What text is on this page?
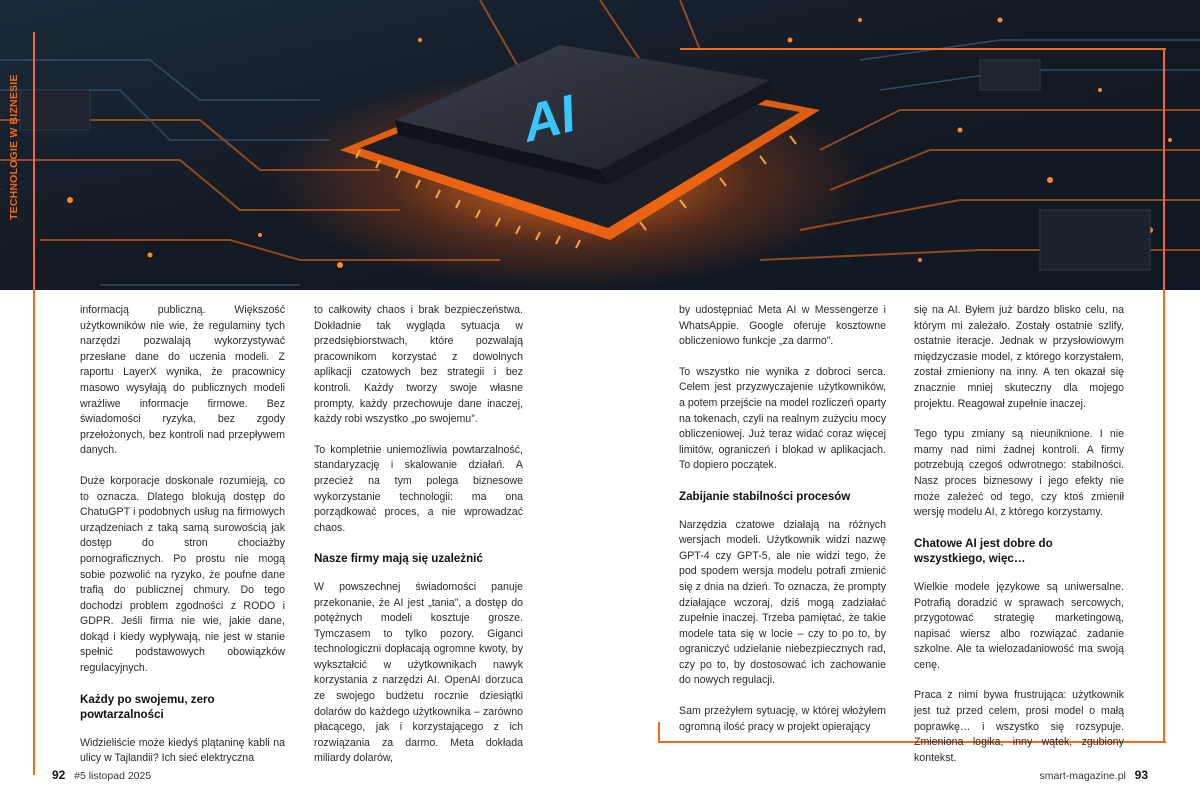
AI
TECHNOLOGIE W BIZNESIE

informacją publiczną. Większość użytkowników nie wie, że regulaminy tych narzędzi pozwalają wykorzystywać przesłane dane do uczenia modeli. Z raportu LayerX wynika, że pracownicy masowo wysyłają do publicznych modeli wrażliwe informacje firmowe. Bez świadomości ryzyka, bez zgody przełożonych, bez kontroli nad przepływem danych.

Duże korporacje doskonale rozumieją, co to oznacza. Dlatego blokują dostęp do ChatuGPT i podobnych usług na firmowych urządzeniach z taką samą surowością jak dostęp do stron chociażby pornograficznych. Po prostu nie mogą sobie pozwolić na ryzyko, że poufne dane trafią do publicznej chmury. Do tego dochodzi problem zgodności z RODO i GDPR. Jeśli firma nie wie, jakie dane, dokąd i kiedy wypływają, nie jest w stanie spełnić podstawowych obowiązków regulacyjnych.

Każdy po swojemu, zero powtarzalności

Widzieliście może kiedyś plątaninę kabli na ulicy w Tajlandii? Ich sieć elektryczna

to całkowity chaos i brak bezpieczeństwa. Dokładnie tak wygląda sytuacja w przedsiębiorstwach, które pozwalają pracownikom korzystać z dowolnych aplikacji czatowych bez strategii i bez kontroli. Każdy tworzy swoje własne prompty, każdy przechowuje dane inaczej, każdy robi wszystko „po swojemu”.

To kompletnie uniemożliwia powtarzalność, standaryzację i skalowanie działań. A przecież na tym polega biznesowe wykorzystanie technologii: ma ona porządkować proces, a nie wprowadzać chaos.

Nasze firmy mają się uzależnić

W powszechnej świadomości panuje przekonanie, że AI jest „tania”, a dostęp do potężnych modeli kosztuje grosze. Tymczasem to tylko pozory. Giganci technologiczni dopłacają ogromne kwoty, by wykształcić w użytkownikach nawyk korzystania z narzędzi AI. OpenAI dorzuca ze swojego budżetu rocznie dziesiątki dolarów do każdego użytkownika – zarówno płacącego, jak i korzystającego z ich rozwiązania za darmo. Meta dokłada miliardy dolarów,

by udostępniać Meta AI w Messengerze i WhatsAppie. Google oferuje kosztowne obliczeniowo funkcje „za darmo”.

To wszystko nie wynika z dobroci serca. Celem jest przyzwyczajenie użytkowników, a potem przejście na model rozliczeń oparty na tokenach, czyli na realnym zużyciu mocy obliczeniowej. Już teraz widać coraz więcej limitów, ograniczeń i blokad w aplikacjach. To dopiero początek.

Zabijanie stabilności procesów

Narzędzia czatowe działają na różnych wersjach modeli. Użytkownik widzi nazwę GPT-4 czy GPT-5, ale nie widzi tego, że pod spodem wersja modelu potrafi zmienić się z dnia na dzień. To oznacza, że prompty działające wczoraj, dziś mogą zadziałać zupełnie inaczej. Trzeba pamiętać, że takie modele tata się w locie – czy to po to, by ograniczyć udzielanie niebezpiecznych rad, czy po to, by dostosować ich zachowanie do nowych regulacji.

Sam przeżyłem sytuację, w której włożyłem ogromną ilość pracy w projekt opierający

się na AI. Byłem już bardzo blisko celu, na którym mi zależało. Zostały ostatnie szlify, ostatnie iteracje. Jednak w przysłowiowym międzyczasie model, z którego korzystałem, został zmieniony na inny. A ten okazał się znacznie mniej skuteczny dla mojego projektu. Reagował zupełnie inaczej.

Tego typu zmiany są nieuniknione. I nie mamy nad nimi żadnej kontroli. A firmy potrzebują czegoś odwrotnego: stabilności. Nasz proces biznesowy i jego efekty nie może zależeć od tego, czy ktoś zmienił wersję modelu AI, z którego korzystamy.

Chatowe AI jest dobre do wszystkiego, więc…

Wielkie modele językowe są uniwersalne. Potrafią doradzić w sprawach sercowych, przygotować strategię marketingową, napisać wiersz albo rozwiązać zadanie szkolne. Ale ta wielozadaniowość ma swoją cenę.

Praca z nimi bywa frustrująca: użytkownik jest tuż przed celem, prosi model o małą poprawkę… i wszystko się rozsypuje. Zmieniona logika, inny wątek, zgubiony kontekst.

92 #5 listopad 2025	smart-magazine.pl 93
